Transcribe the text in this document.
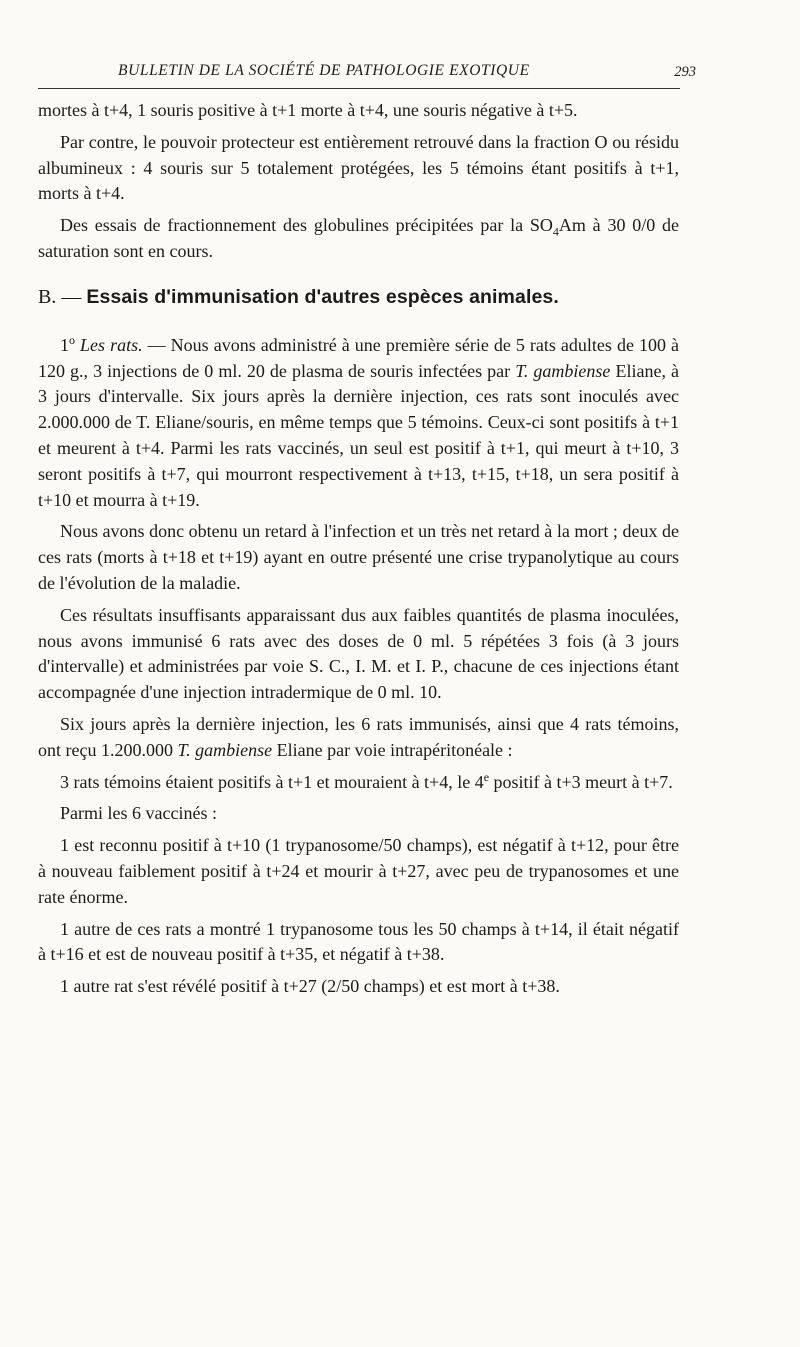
BULLETIN DE LA SOCIÉTÉ DE PATHOLOGIE EXOTIQUE	293

mortes à t+4, 1 souris positive à t+1 morte à t+4, une souris négative à t+5.

Par contre, le pouvoir protecteur est entièrement retrouvé dans la fraction O ou résidu albumineux : 4 souris sur 5 totalement protégées, les 5 témoins étant positifs à t+1, morts à t+4.

Des essais de fractionnement des globulines précipitées par la $SO_4Am$ à 30 0/0 de saturation sont en cours.

B. — Essais d'immunisation d'autres espèces animales.

1$^o$ Les rats. — Nous avons administré à une première série de 5 rats adultes de 100 à 120 g., 3 injections de 0 ml. 20 de plasma de souris infectées par T. gambiense Eliane, à 3 jours d'intervalle. Six jours après la dernière injection, ces rats sont inoculés avec 2.000.000 de T. Eliane/souris, en même temps que 5 témoins. Ceux-ci sont positifs à t+1 et meurent à t+4. Parmi les rats vaccinés, un seul est positif à t+1, qui meurt à t+10, 3 seront positifs à t+7, qui mourront respectivement à t+13, t+15, t+18, un sera positif à t+10 et mourra à t+19.

Nous avons donc obtenu un retard à l'infection et un très net retard à la mort ; deux de ces rats (morts à t+18 et t+19) ayant en outre présenté une crise trypanolytique au cours de l'évolution de la maladie.

Ces résultats insuffisants apparaissant dus aux faibles quantités de plasma inoculées, nous avons immunisé 6 rats avec des doses de 0 ml. 5 répétées 3 fois (à 3 jours d'intervalle) et administrées par voie S. C., I. M. et I. P., chacune de ces injections étant accompagnée d'une injection intradermique de 0 ml. 10.

Six jours après la dernière injection, les 6 rats immunisés, ainsi que 4 rats témoins, ont reçu 1.200.000 T. gambiense Eliane par voie intrapéritonéale :

3 rats témoins étaient positifs à t+1 et mouraient à t+4, le 4e positif à t+3 meurt à t+7.

Parmi les 6 vaccinés :

1 est reconnu positif à t+10 (1 trypanosome/50 champs), est négatif à t+12, pour être à nouveau faiblement positif à t+24 et mourir à t+27, avec peu de trypanosomes et une rate énorme.

1 autre de ces rats a montré 1 trypanosome tous les 50 champs à t+14, il était négatif à t+16 et est de nouveau positif à t+35, et négatif à t+38.

1 autre rat s'est révélé positif à t+27 (2/50 champs) et est mort à t+38.
